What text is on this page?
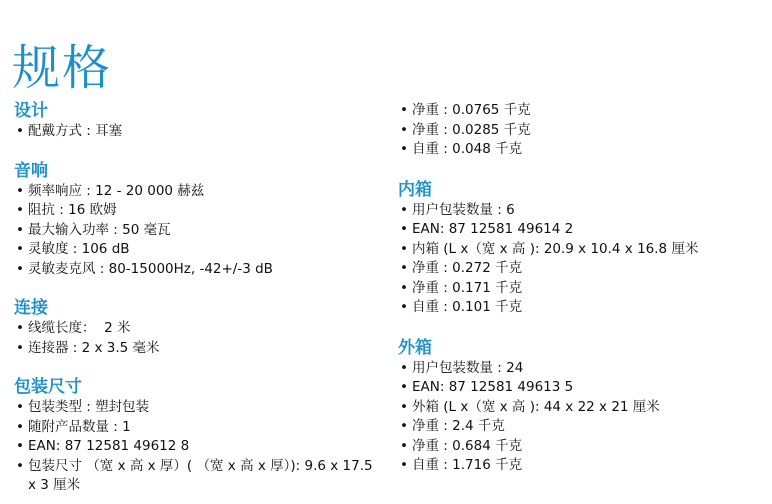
规格
设计
• 配戴方式 : 耳塞
音响
• 频率响应 : 12 - 20 000 赫兹
• 阻抗 : 16 欧姆
• 最大输入功率 : 50 毫瓦
• 灵敏度 : 106 dB
• 灵敏麦克风 : 80-15000Hz, -42+/-3 dB
连接
• 线缆长度：  2 米
• 连接器 : 2 x 3.5 毫米
包装尺寸
• 包装类型 : 塑封包装
• 随附产品数量 : 1
• EAN: 87 12581 49612 8
• 包装尺寸 （宽 x 高 x 厚）( （宽 x 高 x 厚）): 9.6 x 17.5 x 3 厘米
• 净重 : 0.0765 千克
• 净重 : 0.0285 千克
• 自重 : 0.048 千克
内箱
• 用户包装数量 : 6
• EAN: 87 12581 49614 2
• 内箱 (L x（宽 x 高 ): 20.9 x 10.4 x 16.8 厘米
• 净重 : 0.272 千克
• 净重 : 0.171 千克
• 自重 : 0.101 千克
外箱
• 用户包装数量 : 24
• EAN: 87 12581 49613 5
• 外箱 (L x（宽 x 高 ): 44 x 22 x 21 厘米
• 净重 : 2.4 千克
• 净重 : 0.684 千克
• 自重 : 1.716 千克
